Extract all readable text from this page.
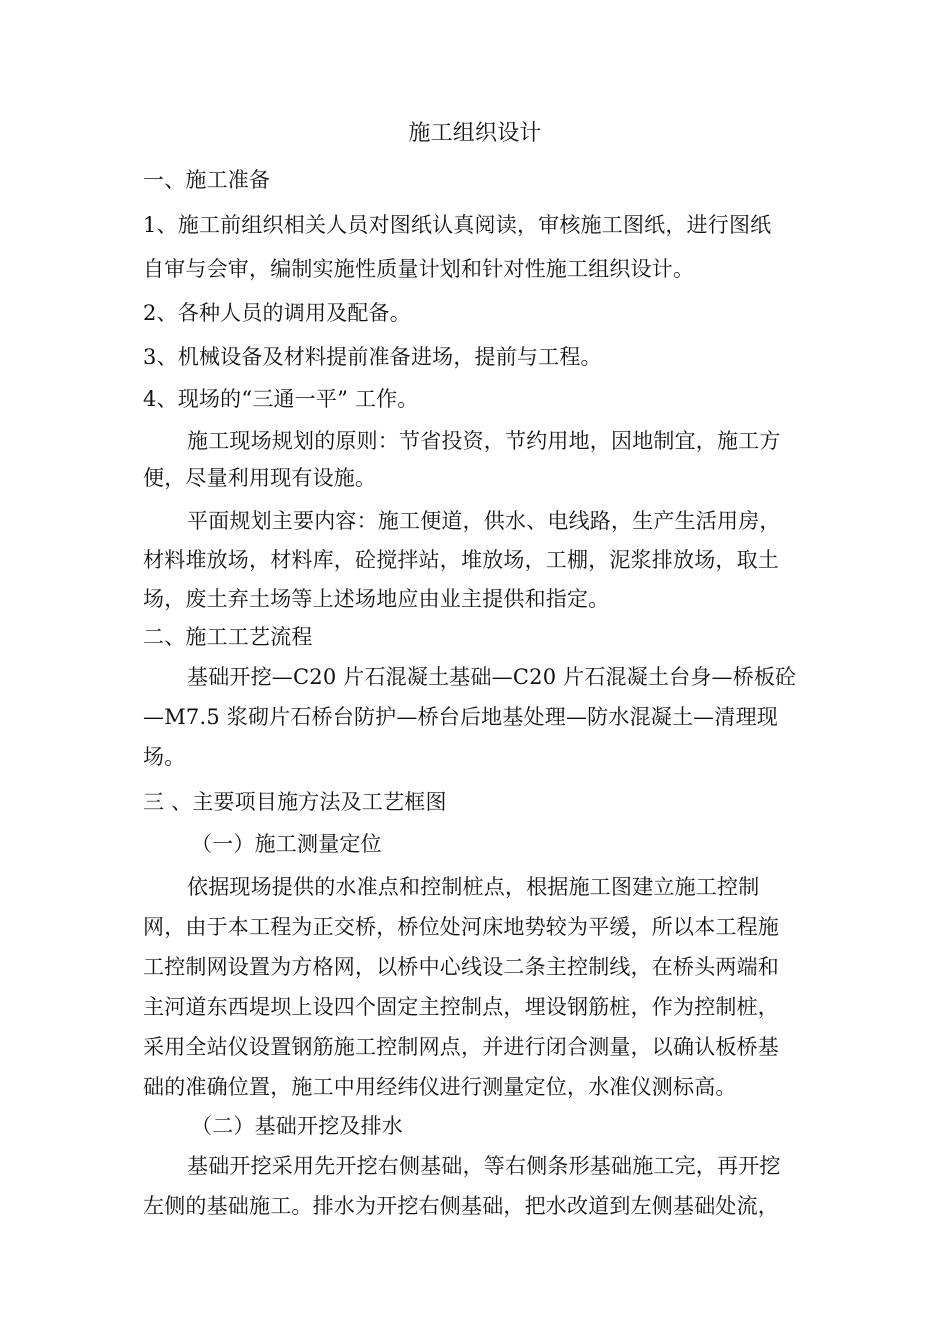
施工组织设计
一、施工准备
1、施工前组织相关人员对图纸认真阅读，审核施工图纸，进行图纸
自审与会审，编制实施性质量计划和针对性施工组织设计。
2、各种人员的调用及配备。
3、机械设备及材料提前准备进场，提前与工程。
4、现场的“三通一平” 工作。
施工现场规划的原则：节省投资，节约用地，因地制宜，施工方
便，尽量利用现有设施。
平面规划主要内容：施工便道，供水、电线路，生产生活用房，
材料堆放场，材料库，砼搅拌站，堆放场，工棚，泥浆排放场，取土
场，废土弃土场等上述场地应由业主提供和指定。
二、施工工艺流程
基础开挖—C20 片石混凝土基础—C20 片石混凝土台身—桥板砼
—M7.5 浆砌片石桥台防护—桥台后地基处理—防水混凝土—清理现
场。
三 、主要项目施方法及工艺框图
（一）施工测量定位
依据现场提供的水准点和控制桩点，根据施工图建立施工控制
网，由于本工程为正交桥，桥位处河床地势较为平缓，所以本工程施
工控制网设置为方格网，以桥中心线设二条主控制线，在桥头两端和
主河道东西堤坝上设四个固定主控制点，埋设钢筋桩，作为控制桩，
采用全站仪设置钢筋施工控制网点，并进行闭合测量，以确认板桥基
础的准确位置，施工中用经纬仪进行测量定位，水准仪测标高。
（二）基础开挖及排水
基础开挖采用先开挖右侧基础，等右侧条形基础施工完，再开挖
左侧的基础施工。排水为开挖右侧基础，把水改道到左侧基础处流，
